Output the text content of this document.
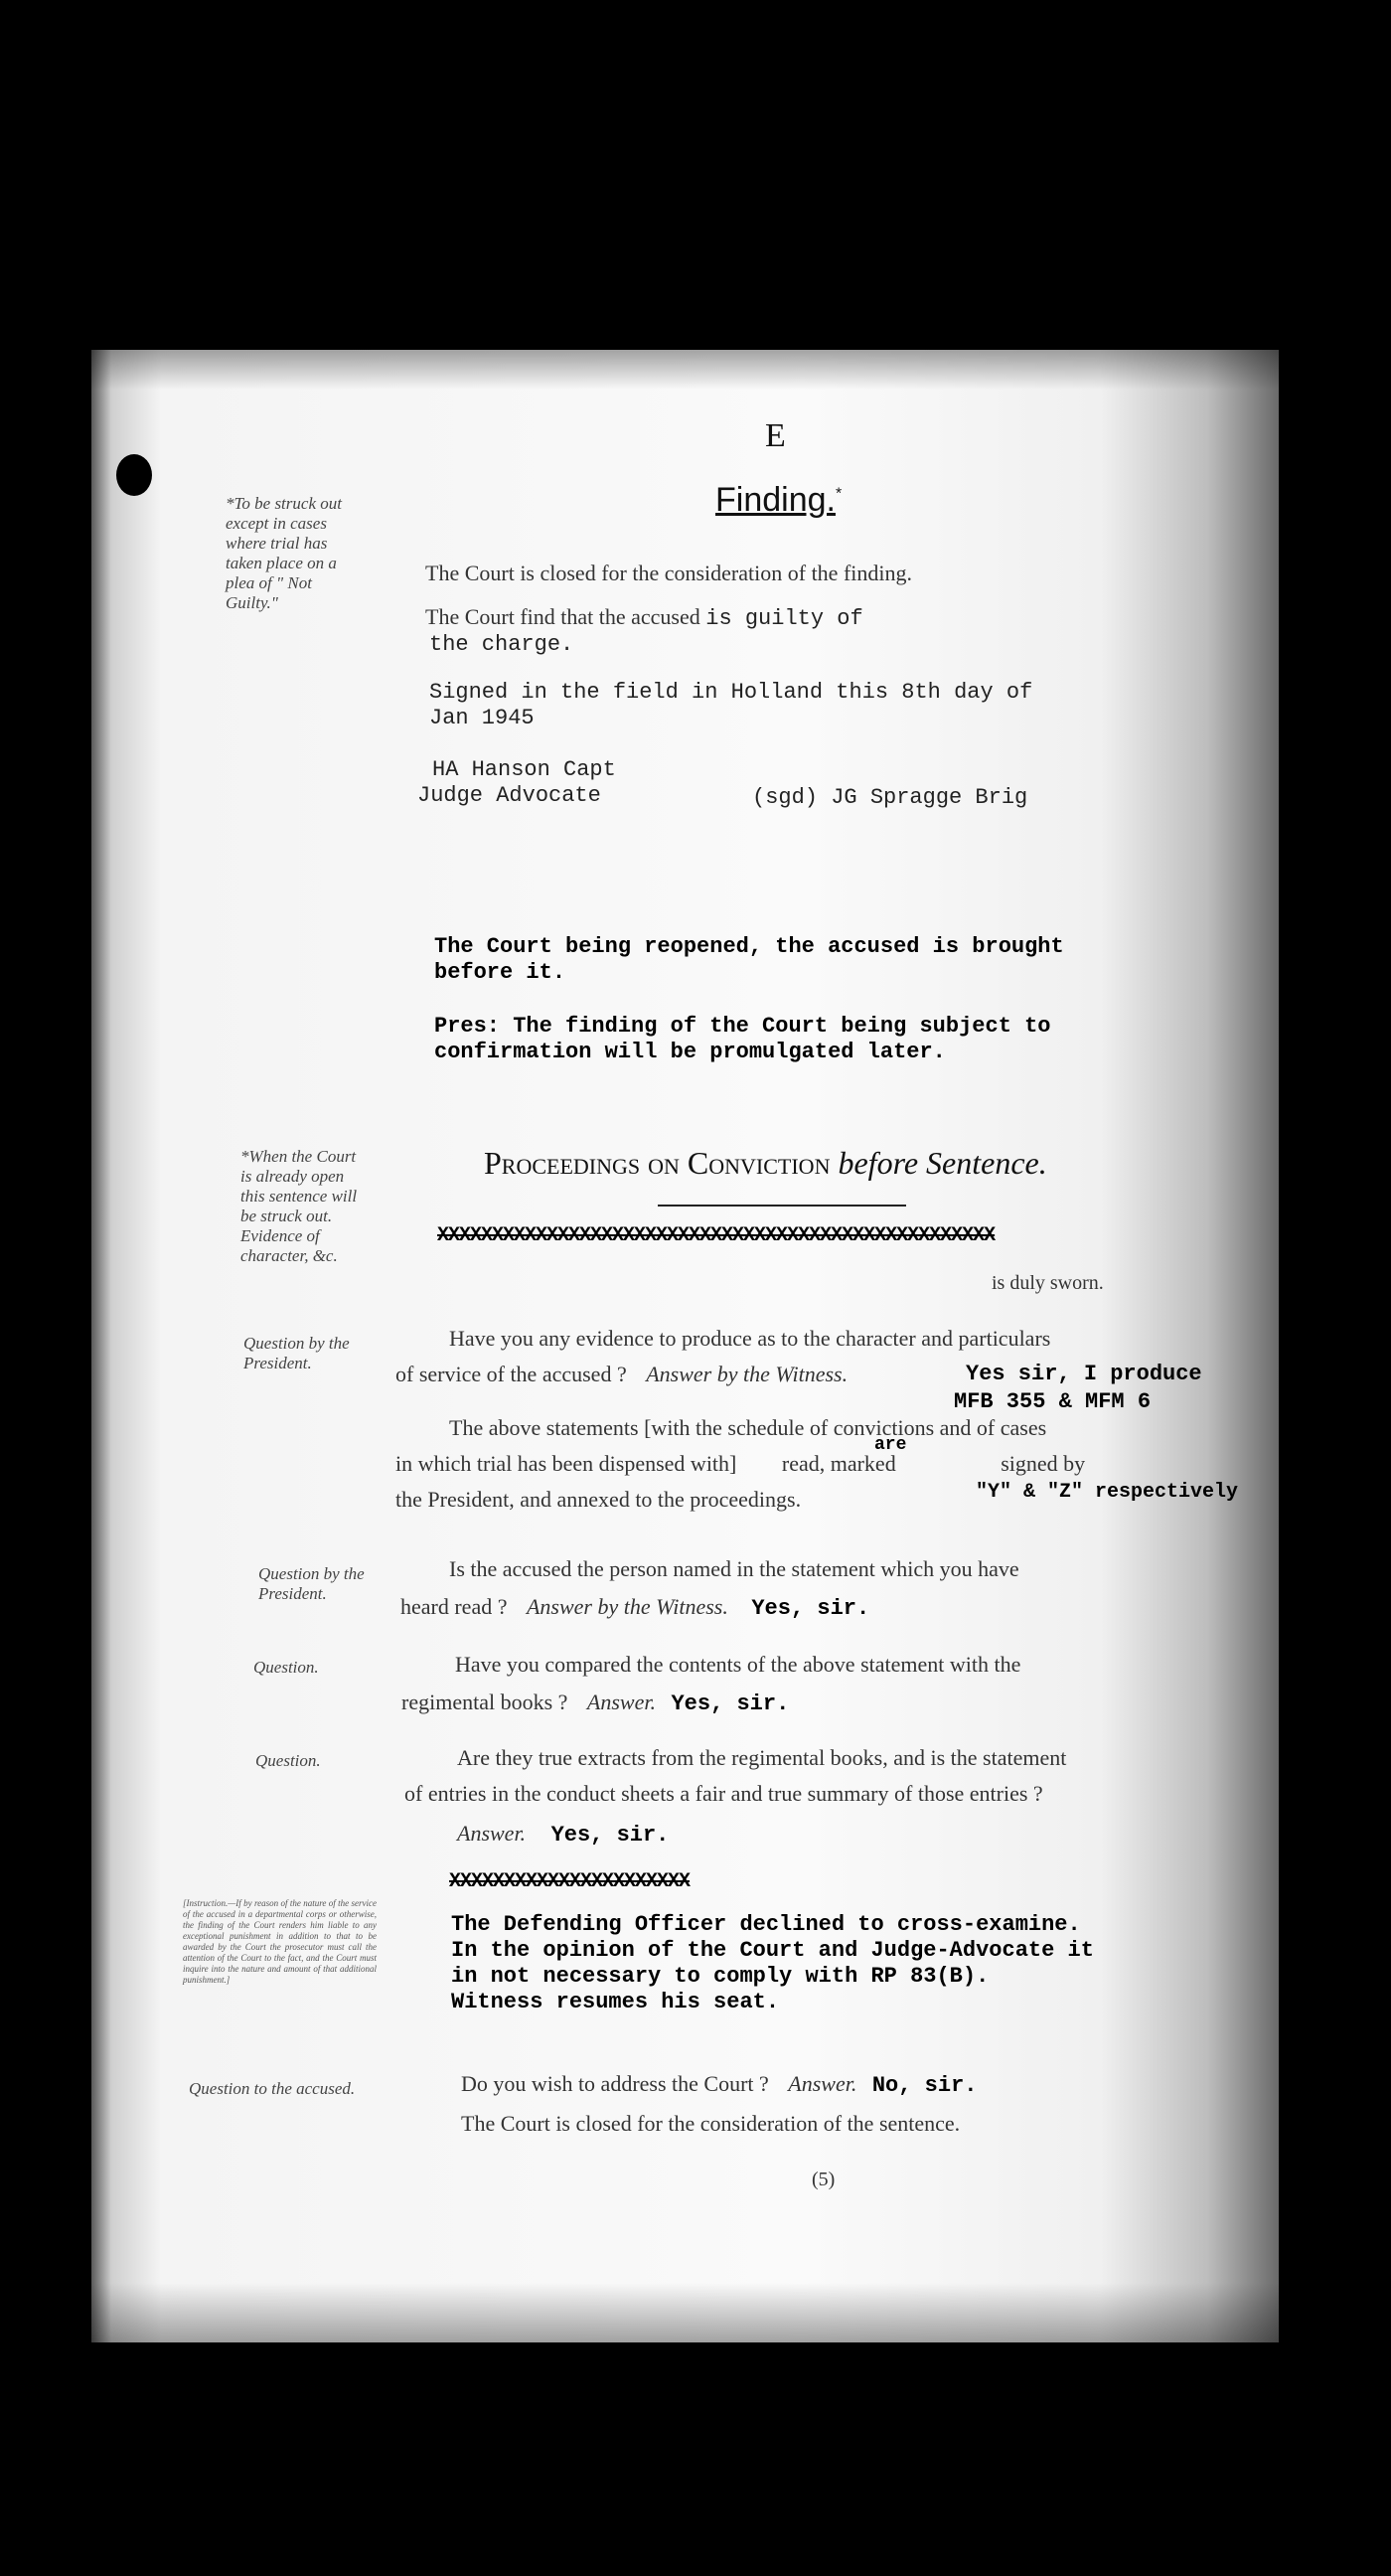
E
Finding.*
*To be struck out except in cases where trial has taken place on a plea of " Not Guilty."
The Court is closed for the consideration of the finding.
The Court find that the accused is guilty of
the charge.
Signed in the field in Holland this 8th day of
Jan 1945
HA Hanson Capt
Judge Advocate	(sgd) JG Spragge Brig
The Court being reopened, the accused is brought
before it.
Pres: The finding of the Court being subject to
confirmation will be promulgated later.
*When the Court is already open this sentence will be struck out. Evidence of character, &c.
Proceedings on Conviction before Sentence.
XXXXXXXXXXXXXXXXXXXXXXXXXXXXXXXXXXXXXXXXXXXXXXXXXXX
is duly sworn.
Question by the President.
Have you any evidence to produce as to the character and particulars
of service of the accused ? Answer by the Witness.	Yes sir, I produce
MFB 355 & MFM 6
The above statements [with the schedule of convictions and of cases
are
in which trial has been dispensed with] read, marked	signed by
the President, and annexed to the proceedings.	"Y" & "Z" respectively
Question by the President.
Is the accused the person named in the statement which you have
heard read ? Answer by the Witness. Yes, sir.
Question.	Have you compared the contents of the above statement with the
regimental books ? Answer. Yes, sir.
Question.	Are they true extracts from the regimental books, and is the statement
of entries in the conduct sheets a fair and true summary of those entries ?
Answer. Yes, sir.
XXXXXXXXXXXXXXXXXXXXXX
[Instruction.—If by reason of the nature of the service of the accused in a departmental corps or otherwise, the finding of the Court renders him liable to any exceptional punishment in addition to that to be awarded by the Court the prosecutor must call the attention of the Court to the fact, and the Court must inquire into the nature and amount of that additional punishment.]
The Defending Officer declined to cross-examine.
In the opinion of the Court and Judge-Advocate it
in not necessary to comply with RP 83(B).
Witness resumes his seat.
Question to the accused.	Do you wish to address the Court ? Answer. No, sir.
The Court is closed for the consideration of the sentence.
(5)
